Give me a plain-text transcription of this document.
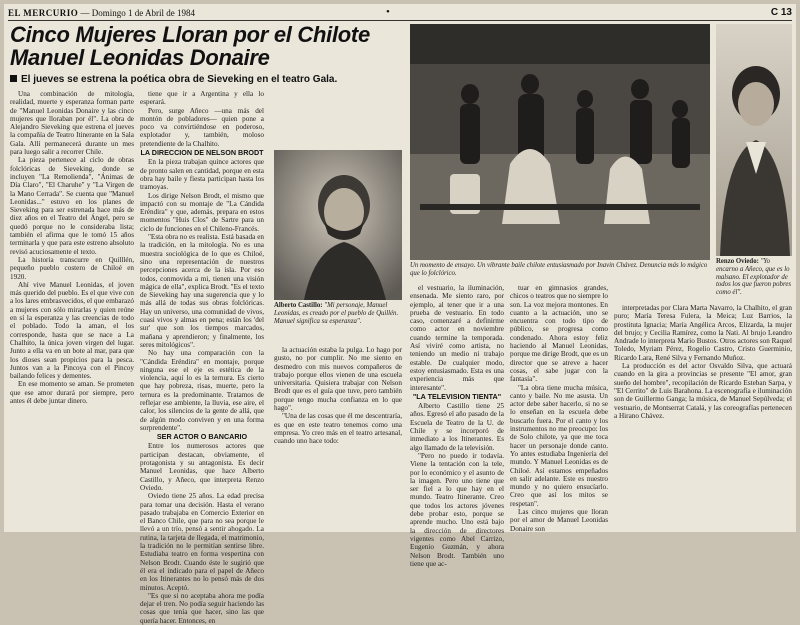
EL MERCURIO — Domingo 1 de Abril de 1984	•	C 13
Cinco Mujeres Lloran por el Chilote Manuel Leonidas Donaire
El jueves se estrena la poética obra de Sieveking en el teatro Gala.

Una combinación de mitología, realidad, muerte y esperanza forman parte de "Manuel Leonidas Donaire y las cinco mujeres que lloraban por él". La obra de Alejandro Sieveking que estrena el jueves la compañía de Teatro Itinerante en la Sala Gala. Allí permanecerá durante un mes para luego salir a recorrer Chile.

La pieza pertenece al ciclo de obras folclóricas de Sieveking, donde se incluyen "La Remolienda", "Ánimas de Día Claro", "El Charuhe" y "La Virgen de la Mano Cerrada". Se cuenta que "Manuel Leonidas..." estuvo en los planes de Sieveking para ser estrenada hace más de diez años en el Teatro del Ángel, pero se quedó porque no le consideraba lista; también el afirma que le tomó 15 años terminarla y que para este estreno absoluto revisó acuciosamente el texto.

La historia transcurre en Quilllén, pequeño pueblo costero de Chiloé en 1920.

Ahí vive Manuel Leonidas, el joven más querido del pueblo. Es el que vive con a los lares embrasvecidos, el que embarazó a mujeres con sólo mirarlas y quien reúne en sí la esperanza y las creencias de todo el poblado. Todo la aman, el los corresponde, hasta que se nace a La Chalhito, la única joven virgen del lugar. Junto a ella va en un bote al mar, para que los dioses sean propicios para la pesca. Juntos van a la Pincoya con el Pincoy bailando felices y dementes.

En ese momento se aman. Se prometen que ese amor durará por siempre, pero antes él debe juntar dinero.

tiene que ir a Argentina y ella lo esperará.

Pero, surge Añeco —una más del montón de pobladores— quien pone a poco va convirtiéndose en poderoso, explotador y, también, moloso pretendiente de la Chalhito.

LA DIRECCION DE NELSON BRODT

En la pieza trabajan quince actores que de pronto salen en cantidad, porque en esta obra hay baile y fiesta participan hasta los tramoyas.

Los dirige Nelson Brodt, el mismo que impactó con su montaje de "La Cándida Eréndira" y que, además, prepara en estos momentos "Huis Clos" de Sartre para un ciclo de funciones en el Chileno-Francés.

"Esta obra no es realista. Está basada en la tradición, en la mitología. No es una muestra sociológica de lo que es Chiloé, sino una representación de nuestros percepciones acerca de la isla. Por eso todos, conmovida a mi, tienen una visión mágica de ella", explica Brodt. "Es el texto de Sieveking hay una sugerencia que y lo más allá de todas sus obras folclóricas. Hay un universo, una comunidad de vivos, cuasi vivos y almas en pena; están los 'del sur' que son los tiempos marcados, mañana y aprendieron; y finalmente, los seres mitológicos".

No hay una comparación con la "Cándida Eréndira" en montaje, porque ninguna ese el eje es estética de la violencia, aquí lo es la ternura. Es cierto que hay pobreza, risas, muerte, pero la ternura es la predominante. Tratamos de reflejar ese ambiente, la lluvia, ese aire, el calor, los silencios de la gente de allá, que de algún modo conviven y en una forma sorprendente".

SER ACTOR O BANCARIO

Entre los numerosos actores que participan destacan, obviamente, el protagonista y su antagonista. Es decir Manuel Leonidas, que hace Alberto Castillo, y Añeco, que interpreta Renzo Oviedo.

Oviedo tiene 25 años. La edad precisa para tomar una decisión. Hasta el verano pasado trabajaba en Comercio Exterior en el Banco Chile, que para no sea porque le llevó a un trío, pensó a sentir ahogado. La rutina, la tarjeta de llegada, el matrimonio, la tradición no le permitían sentirse libre. Estudiaba teatro en forma vespertina con Nelson Brodt. Cuando éste le sugirió que él era el indicado para el papel de Añeco en los Itinerantes no lo pensó más de dos minutos. Aceptó.

"Es que si no aceptaba ahora me podía dejar el tren. No podía seguir haciendo las cosas que tenía que hacer, sino las que quería hacer. Entonces, en

Alberto Castillo: "Mi personaje, Manuel Leonidas, es creado por el pueblo de Quillén. Manuel significa su esperanza".

la actuación estaba la pulga. Lo hago por gusto, no por cumplir. No me siento en desmedro con mis nuevos compañeros de trabajo porque ellos vienen de una escuela universitaria. Quisiera trabajar con Nelson Brodt que es el guía que tuve, pero también porque tengo mucha confianza en lo que hago".

"Una de las cosas que él me descentraría, es que en este teatro tenemos como una empresa. Yo creo más en el teatro artesanal, cuando uno hace todo:

Un momento de ensayo. Un vibrante baile chilote entusiasmado por Inavin Chávez. Denuncia más lo mágico que lo folclórico.
Renzo Oviedo: "Yo encarno a Añeco, que es lo malsano. El explotador de todos los que fueron pobres como él".

el vestuario, la iluminación, ensenada. Me siento raro, por ejemplo, al tener que ir a una prueba de vestuario. En todo caso, comenzaré a definirme como actor en noviembre cuando termine la temporada. Así viviré como artista, no teniendo un medio ni trabajo estable. De cualquier modo, estoy entusiasmado. Esta es una experiencia más que interesante".

"LA TELEVISION TIENTA"

Alberto Castillo tiene 25 años. Egresó el año pasado de la Escuela de Teatro de la U. de Chile y se incorporó de inmediato a los Itinerantes. Es algo llamado de la televisión.

"Pero no puedo ir todavía. Viene la tentación con la tele, por lo económico y el asunto de la imagen. Pero uno tiene que ser fiel a lo que hay en el mundo. Teatro Itinerante. Creo que todos los actores jóvenes debe probar esto, porque se aprende mucho. Uno está bajo la dirección de directores vigentes como Abel Carrizo, Eugenio Guzmán, y ahora Nelson Brodt. También uno tiene que ac-

tuar en gimnasios grandes, chicos o teatros que no siempre lo son. La voz mejora montones. En cuanto a la actuación, uno se encuentra con todo tipo de público, se progresa como condenado. Ahora estoy feliz haciendo al Manuel Leonidas, porque me dirige Brodt, que es un director que se atreve a hacer cosas, el sabe jugar con la fantasía".

"La obra tiene mucha música, canto y baile. No me asusta. Un actor debe saber hacerlo, si no se lo enseñan en la escuela debe buscarlo fuera. Por el canto y los instrumentos no me preocupo: los de Solo chilote, ya que me toca hacer un personaje donde canto. Yo antes estudiaba Ingeniería del mundo. Y Manuel Leonidas es de Chiloé. Así estamos empeñados en salir adelante. Este es nuestro mundo y no quiero ensucíarlo. Creo que así los mitos se respetan".

Las cinco mujeres que lloran por el amor de Manuel Leonidas Donaire son

interpretadas por Clara Marta Navarro, la Chalhito, el gran puro; María Teresa Fulera, la Meica; Luz Barrios, la prostituta Ignacia; María Angélica Arcos, Elizarda, la mujer del brujo; y Cecilia Ramírez, como la Nati. Al brujo Leandro Andrade lo interpreta Mario Bustos. Otros actores son Raquel Toledo, Myriam Pérez, Rogelio Castro, Cristo Guerminio, Ricardo Lara, René Silva y Fernando Muñoz.

La producción es del actor Osvaldo Silva, que actuará cuando en la gira a provincias se presente "El amor, gran sueño del hombre", recopilación de Ricardo Esteban Sarpa, y "El Cerrito" de Luis Barahona. La escenografía e iluminación son de Guillermo Ganga; la música, de Manuel Sepúlveda; el vestuario, de Montserrat Catalá, y las coreografías pertenecen a Hirano Chávez.
